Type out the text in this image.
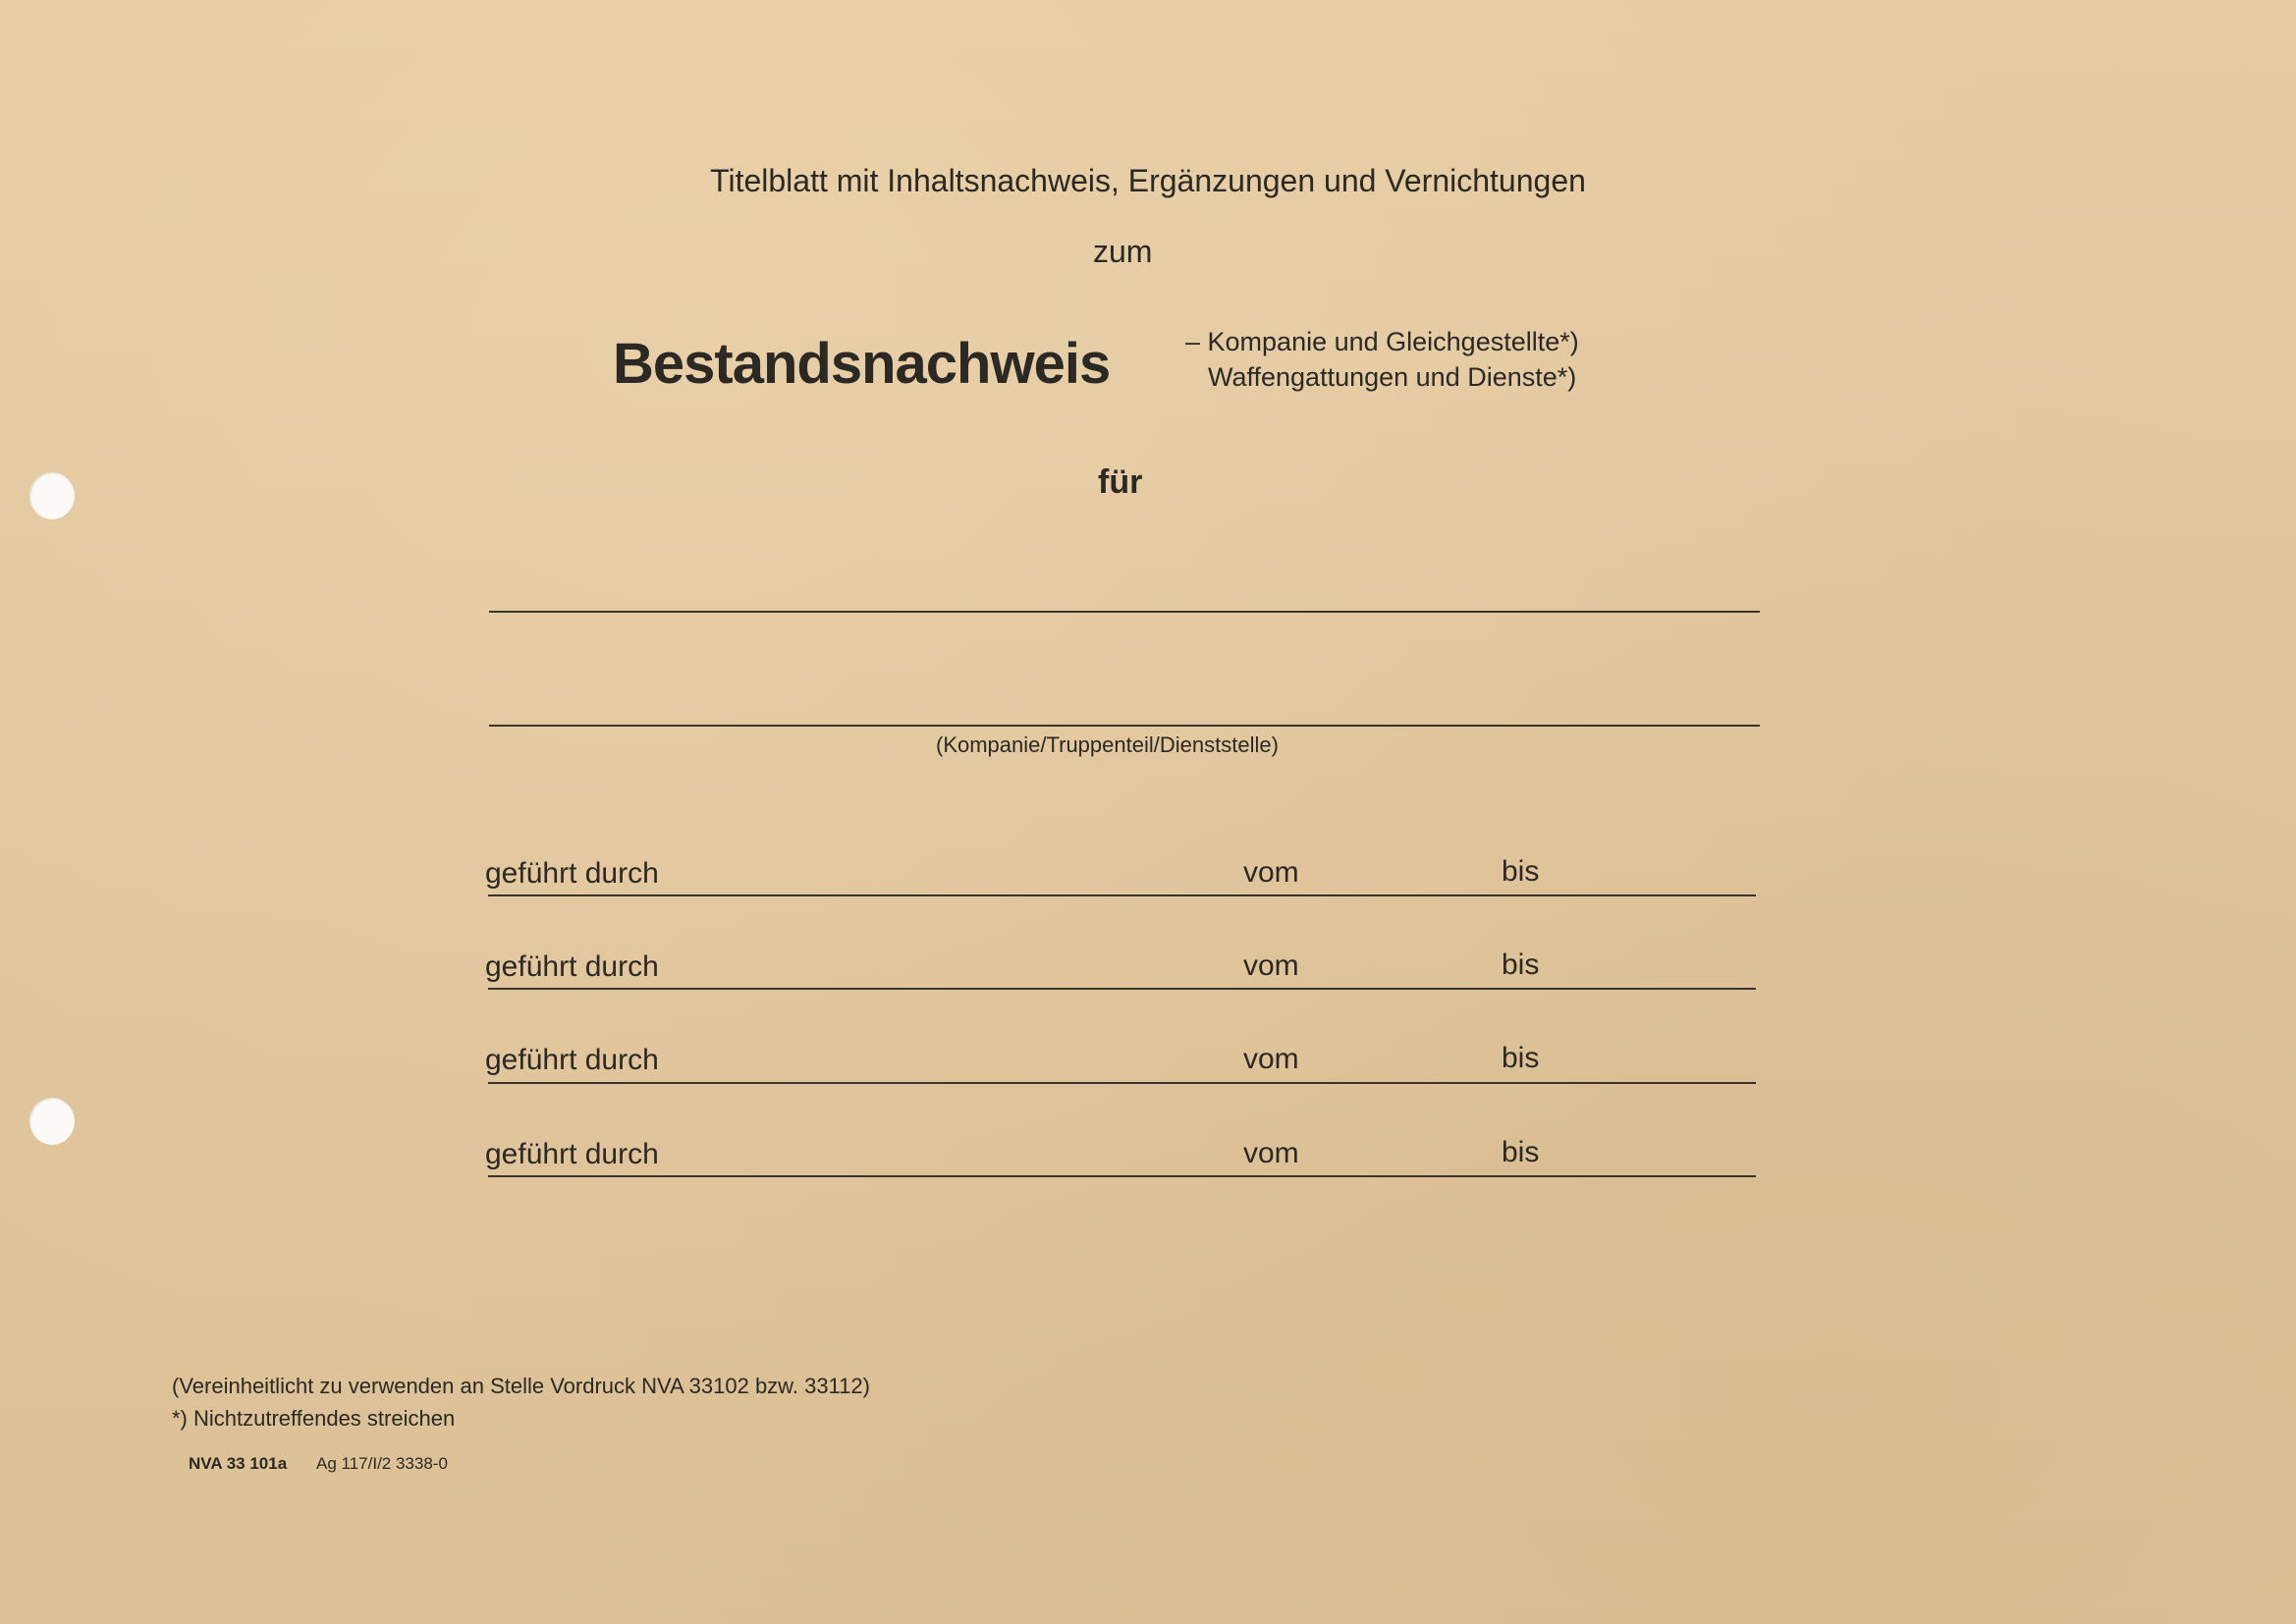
Titelblatt mit Inhaltsnachweis, Ergänzungen und Vernichtungen
zum
Bestandsnachweis	– Kompanie und Gleichgestellte*)
Waffengattungen und Dienste*)
für
(Kompanie/Truppenteil/Dienststelle)
geführt durch	vom	bis
geführt durch	vom	bis
geführt durch	vom	bis
geführt durch	vom	bis
(Vereinheitlicht zu verwenden an Stelle Vordruck NVA 33102 bzw. 33112)
*) Nichtzutreffendes streichen
NVA 33 101a Ag 117/I/2 3338-0
